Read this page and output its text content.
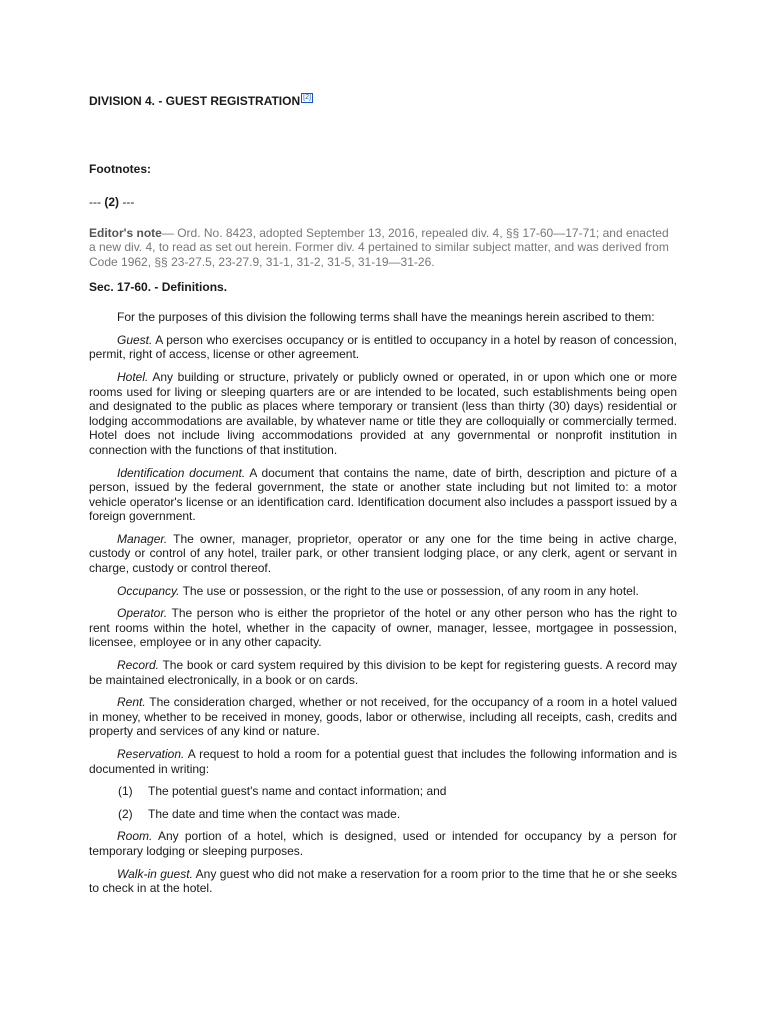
DIVISION 4. - GUEST REGISTRATION [2]
Footnotes:
--- (2) ---
Editor's note— Ord. No. 8423, adopted September 13, 2016, repealed div. 4, §§ 17-60—17-71; and enacted a new div. 4, to read as set out herein. Former div. 4 pertained to similar subject matter, and was derived from Code 1962, §§ 23-27.5, 23-27.9, 31-1, 31-2, 31-5, 31-19—31-26.
Sec. 17-60. - Definitions.

For the purposes of this division the following terms shall have the meanings herein ascribed to them:

Guest. A person who exercises occupancy or is entitled to occupancy in a hotel by reason of concession, permit, right of access, license or other agreement.

Hotel. Any building or structure, privately or publicly owned or operated, in or upon which one or more rooms used for living or sleeping quarters are or are intended to be located, such establishments being open and designated to the public as places where temporary or transient (less than thirty (30) days) residential or lodging accommodations are available, by whatever name or title they are colloquially or commercially termed. Hotel does not include living accommodations provided at any governmental or nonprofit institution in connection with the functions of that institution.

Identification document. A document that contains the name, date of birth, description and picture of a person, issued by the federal government, the state or another state including but not limited to: a motor vehicle operator's license or an identification card. Identification document also includes a passport issued by a foreign government.

Manager. The owner, manager, proprietor, operator or any one for the time being in active charge, custody or control of any hotel, trailer park, or other transient lodging place, or any clerk, agent or servant in charge, custody or control thereof.

Occupancy. The use or possession, or the right to the use or possession, of any room in any hotel.

Operator. The person who is either the proprietor of the hotel or any other person who has the right to rent rooms within the hotel, whether in the capacity of owner, manager, lessee, mortgagee in possession, licensee, employee or in any other capacity.

Record. The book or card system required by this division to be kept for registering guests. A record may be maintained electronically, in a book or on cards.

Rent. The consideration charged, whether or not received, for the occupancy of a room in a hotel valued in money, whether to be received in money, goods, labor or otherwise, including all receipts, cash, credits and property and services of any kind or nature.

Reservation. A request to hold a room for a potential guest that includes the following information and is documented in writing:

(1)	The potential guest's name and contact information; and
(2)	The date and time when the contact was made.

Room. Any portion of a hotel, which is designed, used or intended for occupancy by a person for temporary lodging or sleeping purposes.

Walk-in guest. Any guest who did not make a reservation for a room prior to the time that he or she seeks to check in at the hotel.
